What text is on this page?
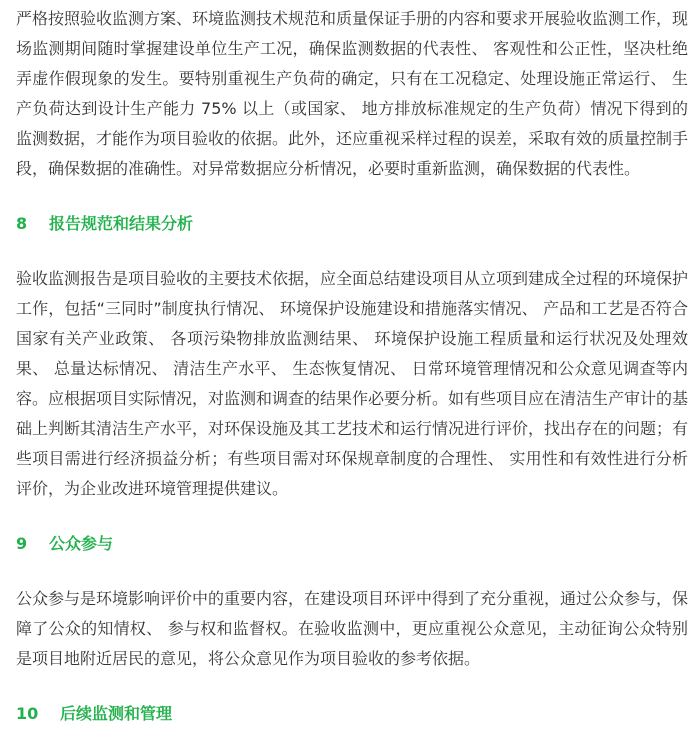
严格按照验收监测方案、环境监测技术规范和质量保证手册的内容和要求开展验收监测工作，现场监测期间随时掌握建设单位生产工况，确保监测数据的代表性、 客观性和公正性，坚决杜绝弄虚作假现象的发生。要特别重视生产负荷的确定，只有在工况稳定、处理设施正常运行、 生产负荷达到设计生产能力 75% 以上（或国家、 地方排放标准规定的生产负荷）情况下得到的监测数据，才能作为项目验收的依据。此外，还应重视采样过程的误差，采取有效的质量控制手段，确保数据的准确性。对异常数据应分析情况，必要时重新监测，确保数据的代表性。

8 报告规范和结果分析

验收监测报告是项目验收的主要技术依据，应全面总结建设项目从立项到建成全过程的环境保护工作，包括“三同时”制度执行情况、 环境保护设施建设和措施落实情况、 产品和工艺是否符合国家有关产业政策、 各项污染物排放监测结果、 环境保护设施工程质量和运行状况及处理效果、 总量达标情况、 清洁生产水平、 生态恢复情况、 日常环境管理情况和公众意见调查等内容。应根据项目实际情况，对监测和调查的结果作必要分析。如有些项目应在清洁生产审计的基础上判断其清洁生产水平，对环保设施及其工艺技术和运行情况进行评价，找出存在的问题；有些项目需进行经济损益分析；有些项目需对环保规章制度的合理性、 实用性和有效性进行分析评价，为企业改进环境管理提供建议。

9 公众参与

公众参与是环境影响评价中的重要内容，在建设项目环评中得到了充分重视，通过公众参与，保障了公众的知情权、 参与权和监督权。在验收监测中，更应重视公众意见，主动征询公众特别是项目地附近居民的意见，将公众意见作为项目验收的参考依据。

10 后续监测和管理
